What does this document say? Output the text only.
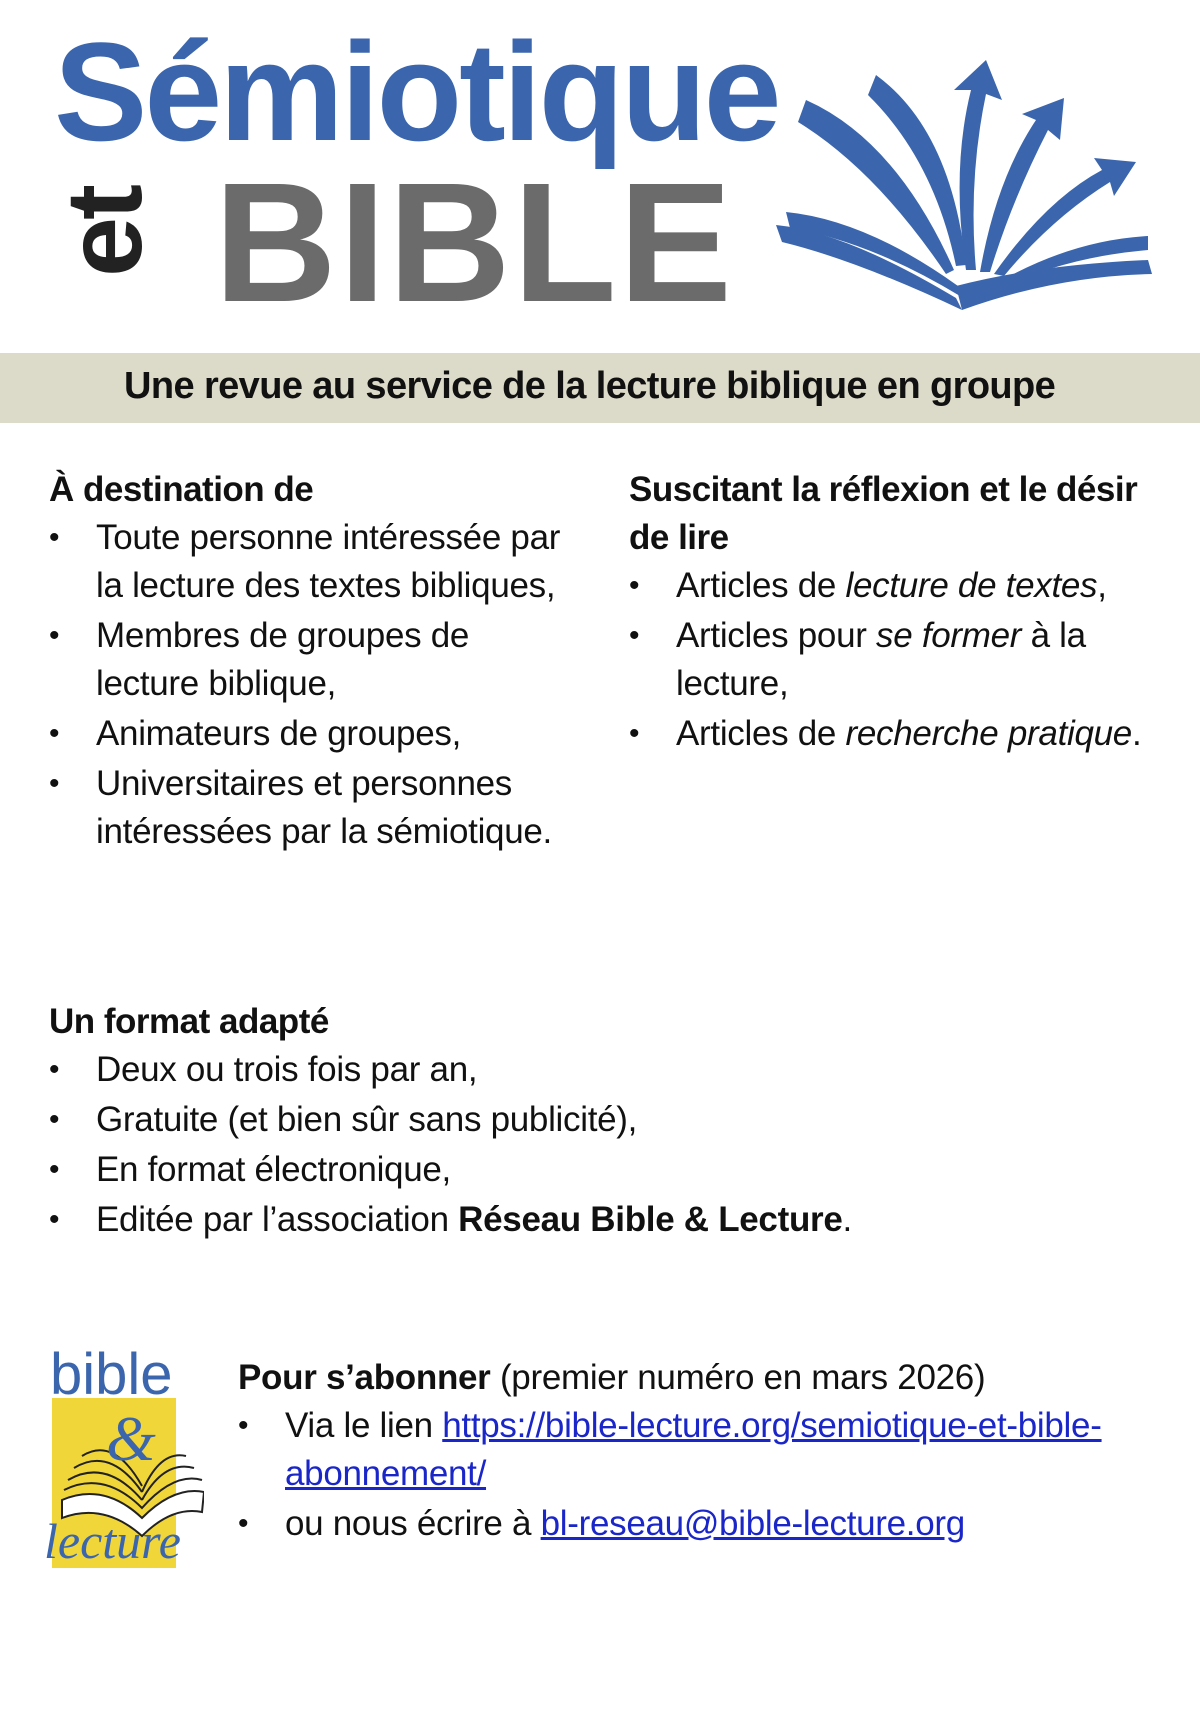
Sémiotique
et BIBLE
Une revue au service de la lecture biblique en groupe
À destination de
• Toute personne intéressée par la lecture des textes bibliques,
• Membres de groupes de lecture biblique,
• Animateurs de groupes,
• Universitaires et personnes intéressées par la sémiotique.
Suscitant la réflexion et le désir de lire
• Articles de lecture de textes,
• Articles pour se former à la lecture,
• Articles de recherche pratique.
Un format adapté
• Deux ou trois fois par an,
• Gratuite (et bien sûr sans publicité),
• En format électronique,
• Editée par l’association Réseau Bible & Lecture.
bible
&
lecture
Pour s’abonner (premier numéro en mars 2026)
• Via le lien https://bible-lecture.org/semiotique-et-bible-abonnement/
• ou nous écrire à bl-reseau@bible-lecture.org
